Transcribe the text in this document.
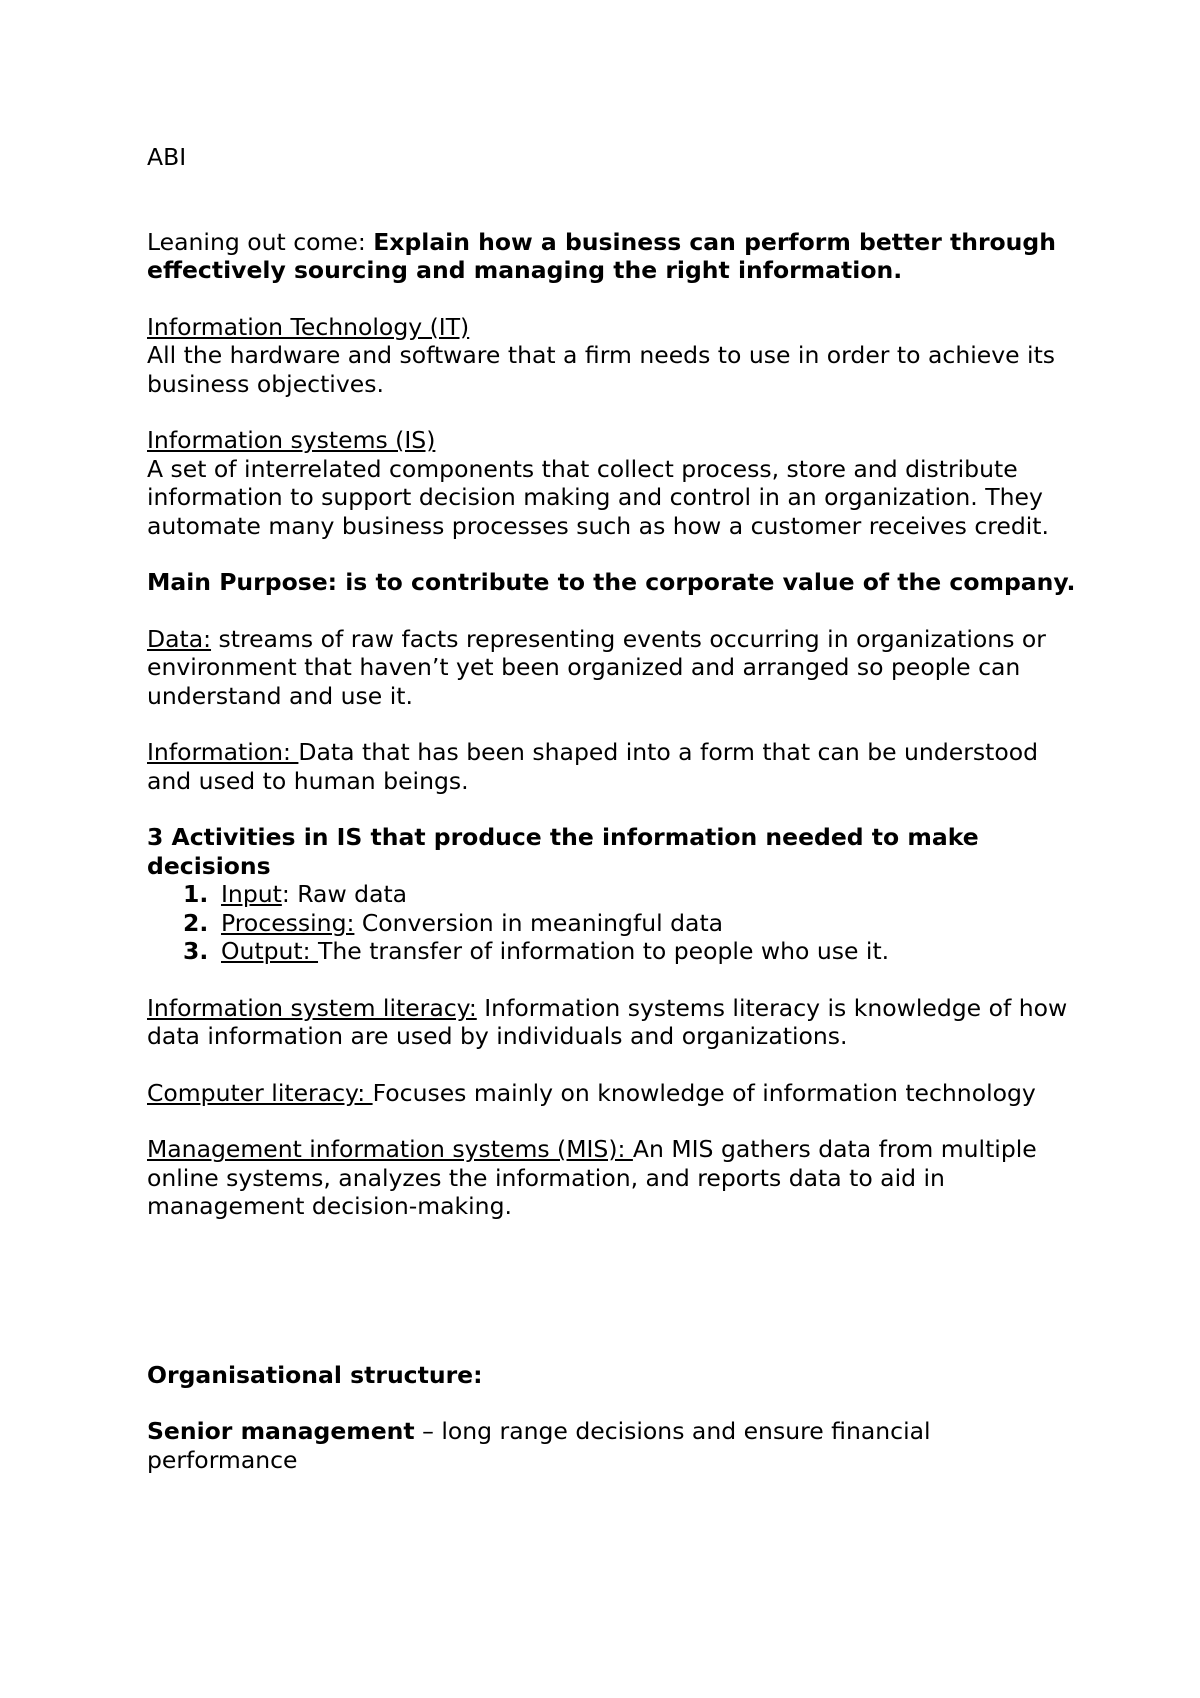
ABI

Leaning out come: Explain how a business can perform better through effectively sourcing and managing the right information.

Information Technology (IT)
All the hardware and software that a firm needs to use in order to achieve its business objectives.

Information systems (IS)
A set of interrelated components that collect process, store and distribute information to support decision making and control in an organization. They automate many business processes such as how a customer receives credit.

Main Purpose: is to contribute to the corporate value of the company.

Data: streams of raw facts representing events occurring in organizations or environment that haven’t yet been organized and arranged so people can understand and use it.

Information: Data that has been shaped into a form that can be understood and used to human beings.

3 Activities in IS that produce the information needed to make decisions

1. Input: Raw data
2. Processing: Conversion in meaningful data
3. Output: The transfer of information to people who use it.

Information system literacy: Information systems literacy is knowledge of how data information are used by individuals and organizations.

Computer literacy: Focuses mainly on knowledge of information technology

Management information systems (MIS): An MIS gathers data from multiple online systems, analyzes the information, and reports data to aid in management decision-making.

Organisational structure:

Senior management – long range decisions and ensure financial performance
